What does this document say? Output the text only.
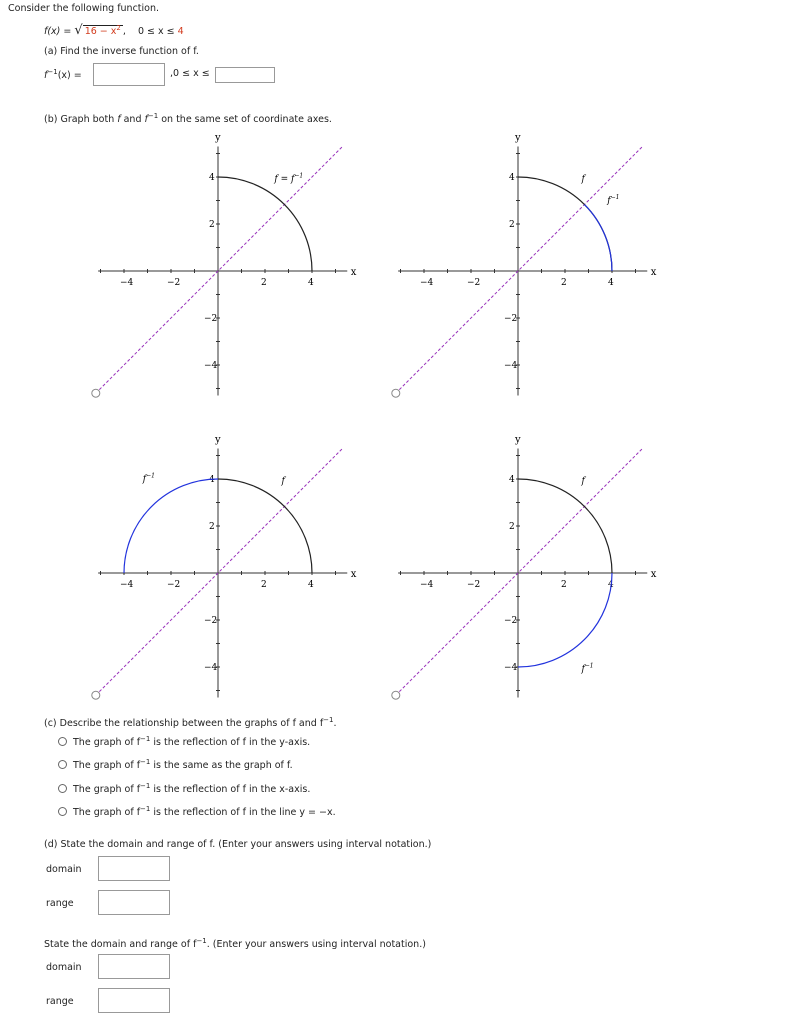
Consider the following function.
f(x) = √ $16 - x^2$ ,    0 ≤ x ≤ 4
(a) Find the inverse function of f.
$f^{-1}(x)$ =	,0 ≤ x ≤
(b) Graph both f and $f^{-1}$ on the same set of coordinate axes.
x
y
−4	−2	2	4
4
2
−2
−4
$f = f^{-1}$
x
y
−4	−2	2	4
4
2
−2
−4
f
$f^{-1}$
x
y
−4	−2	2	4
4
2
−2
−4
f
$f^{-1}$
x
y
−4	−2	2	4
4
2
−2
−4
f
$f^{-1}$
(c) Describe the relationship between the graphs of f and $f^{-1}$.
The graph of $f^{-1}$ is the reflection of f in the y-axis.
The graph of $f^{-1}$ is the same as the graph of f.
The graph of $f^{-1}$ is the reflection of f in the x-axis.
The graph of $f^{-1}$ is the reflection of f in the line y = −x.
(d) State the domain and range of f. (Enter your answers using interval notation.)
domain
range
State the domain and range of $f^{-1}$. (Enter your answers using interval notation.)
domain
range
